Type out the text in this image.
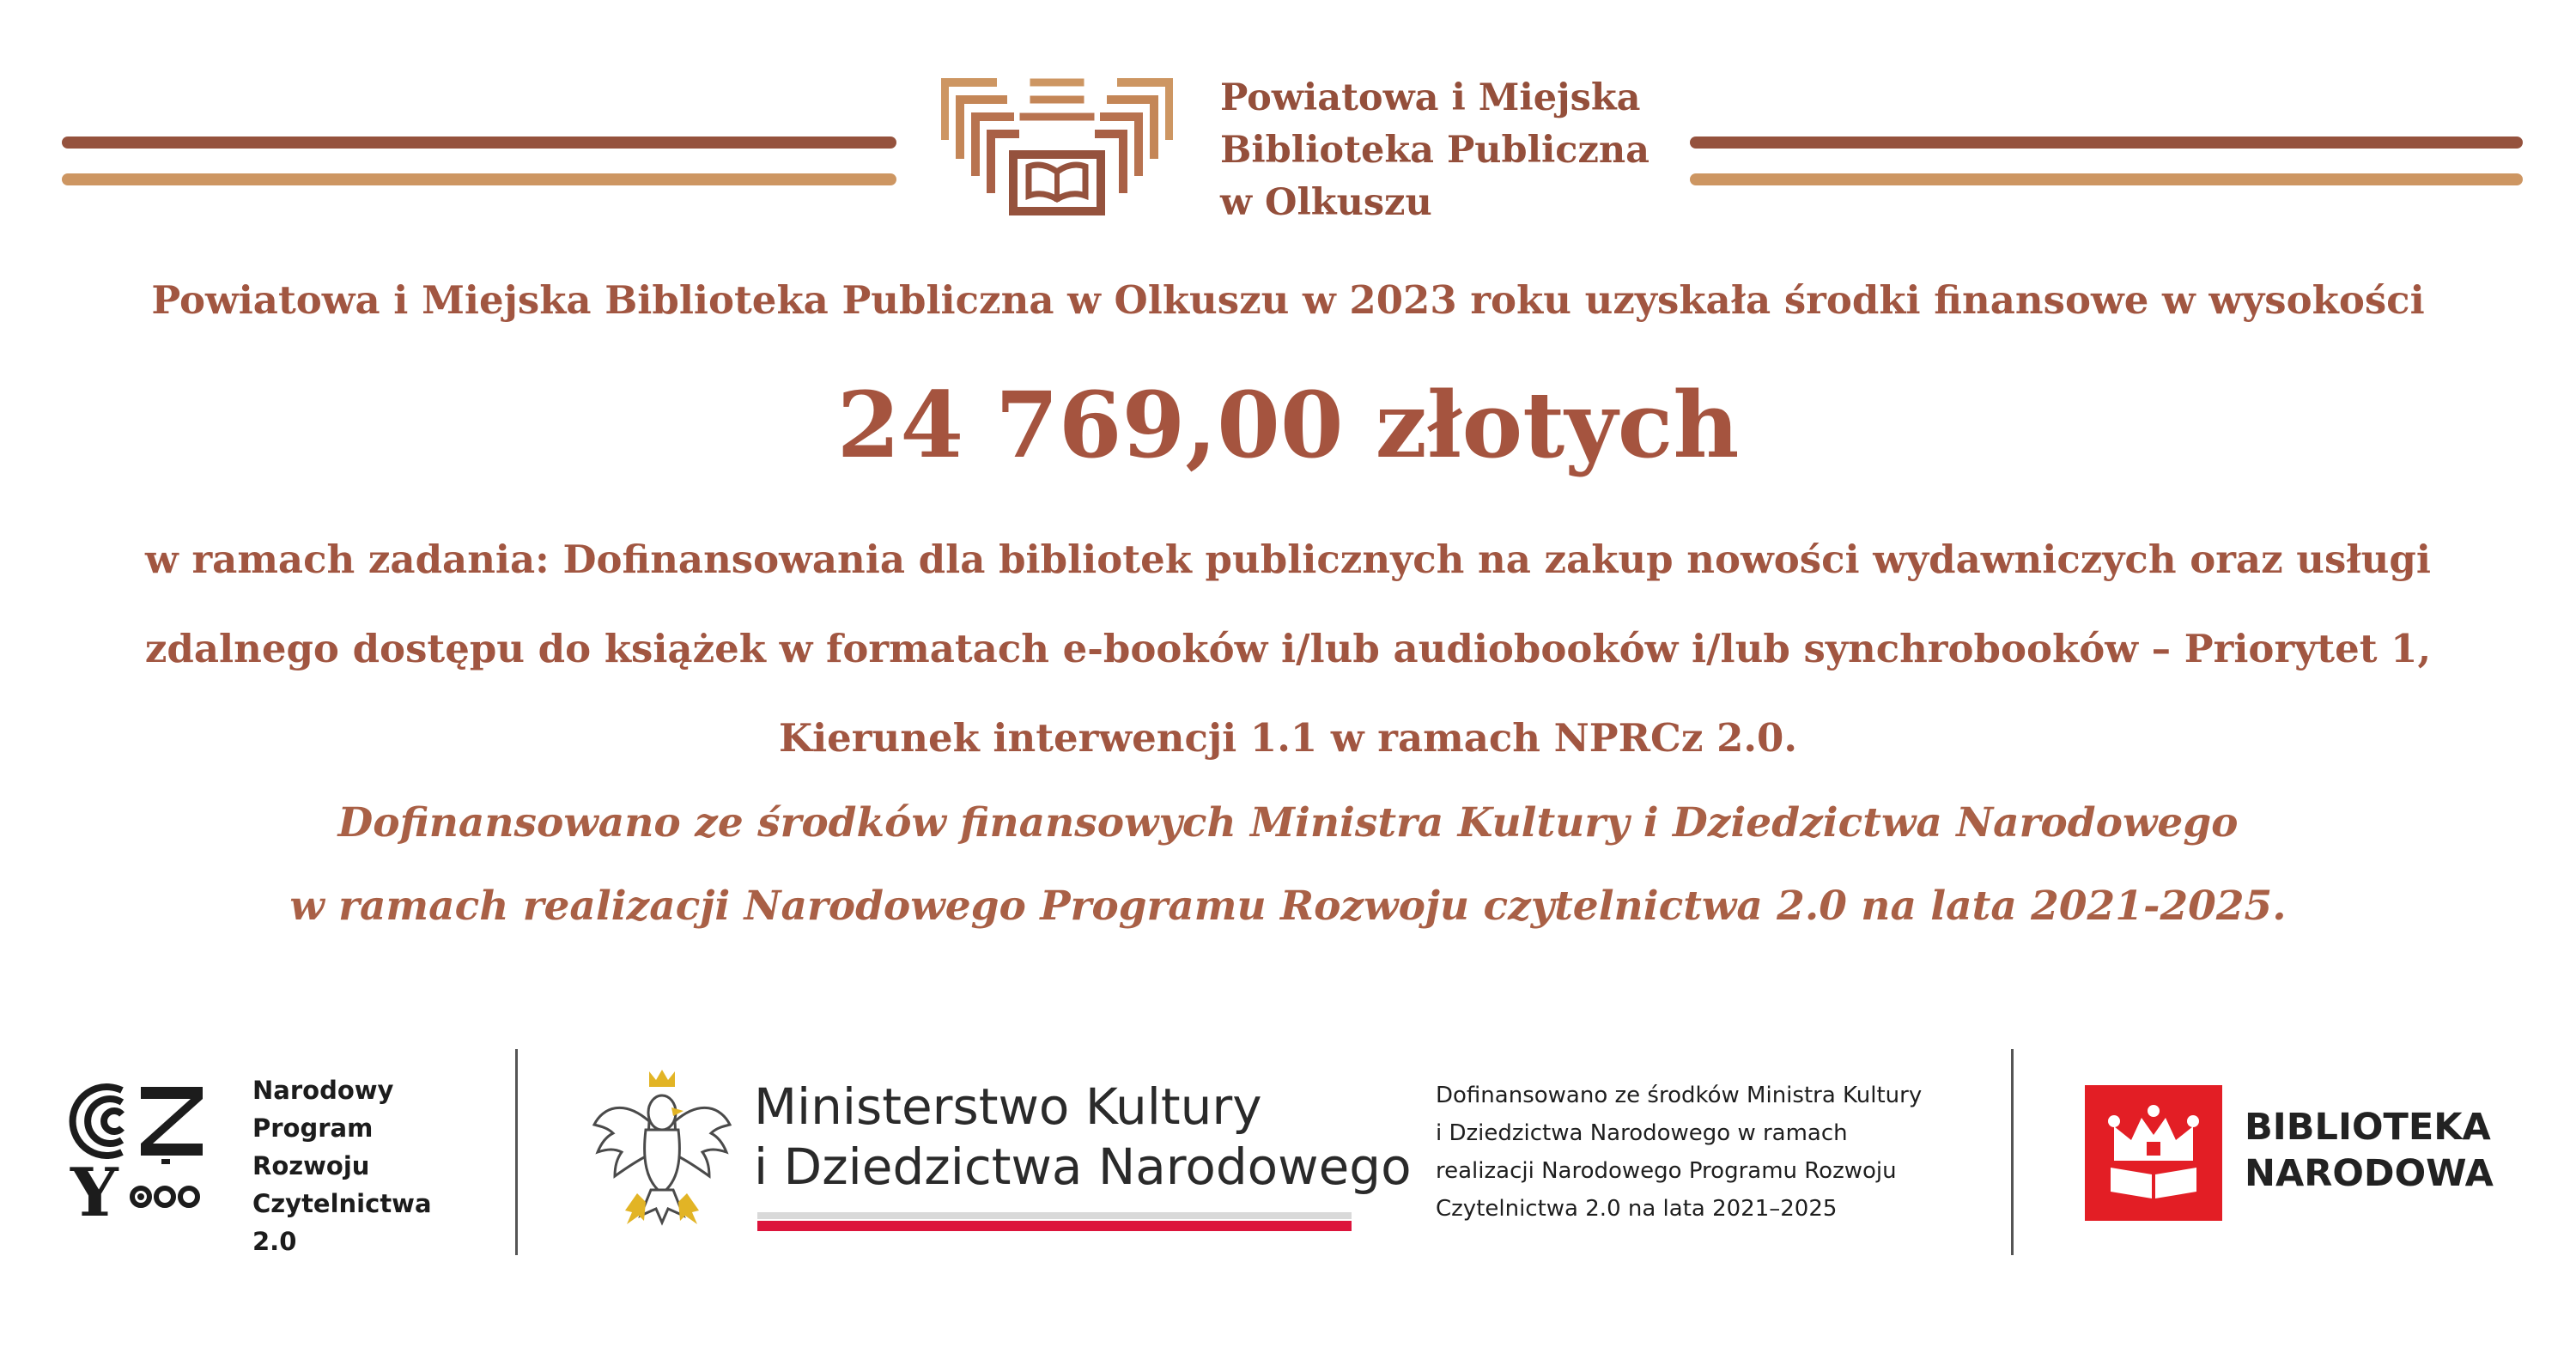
Powiatowa i Miejska
Biblioteka Publiczna
w Olkuszu
Powiatowa i Miejska Biblioteka Publiczna w Olkuszu w 2023 roku uzyskała środki finansowe w wysokości
24 769,00 złotych
w ramach zadania: Dofinansowania dla bibliotek publicznych na zakup nowości wydawniczych oraz usługi
zdalnego dostępu do książek w formatach e-booków i/lub audiobooków i/lub synchrobooków – Priorytet 1,
Kierunek interwencji 1.1 w ramach NPRCz 2.0.
Dofinansowano ze środków finansowych Ministra Kultury i Dziedzictwa Narodowego
w ramach realizacji Narodowego Programu Rozwoju czytelnictwa 2.0 na lata 2021-2025.
Y
Narodowy
Program
Rozwoju
Czytelnictwa
2.0
Ministerstwo Kultury
i Dziedzictwa Narodowego
Dofinansowano ze środków Ministra Kultury
i Dziedzictwa Narodowego w ramach
realizacji Narodowego Programu Rozwoju
Czytelnictwa 2.0 na lata 2021–2025
BIBLIOTEKA
NARODOWA
